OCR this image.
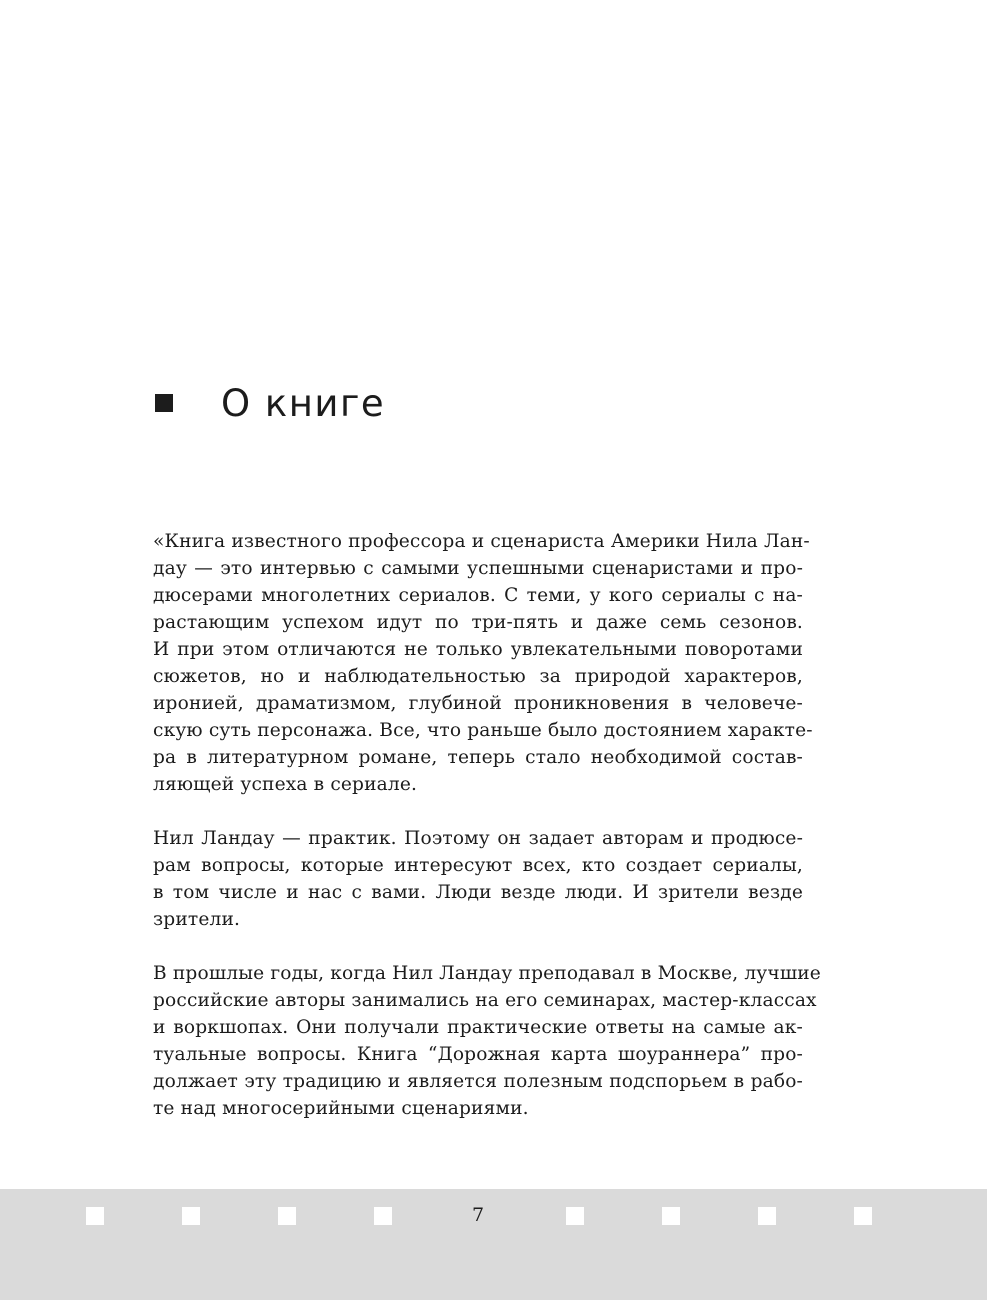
О книге

«Книга известного профессора и сценариста Америки Нила Лан-
дау — это интервью с самыми успешными сценаристами и про-
дюсерами многолетних сериалов. С теми, у кого сериалы с на-
растающим успехом идут по три-пять и даже семь сезонов.
И при этом отличаются не только увлекательными поворотами
сюжетов, но и наблюдательностью за природой характеров,
иронией, драматизмом, глубиной проникновения в человече-
скую суть персонажа. Все, что раньше было достоянием характе-
ра в литературном романе, теперь стало необходимой состав-
ляющей успеха в сериале.

Нил Ландау — практик. Поэтому он задает авторам и продюсе-
рам вопросы, которые интересуют всех, кто создает сериалы,
в том числе и нас с вами. Люди везде люди. И зрители везде
зрители.

В прошлые годы, когда Нил Ландау преподавал в Москве, лучшие
российские авторы занимались на его семинарах, мастер-классах
и воркшопах. Они получали практические ответы на самые ак-
туальные вопросы. Книга “Дорожная карта шоураннера” про-
должает эту традицию и является полезным подспорьем в рабо-
те над многосерийными сценариями.

7
